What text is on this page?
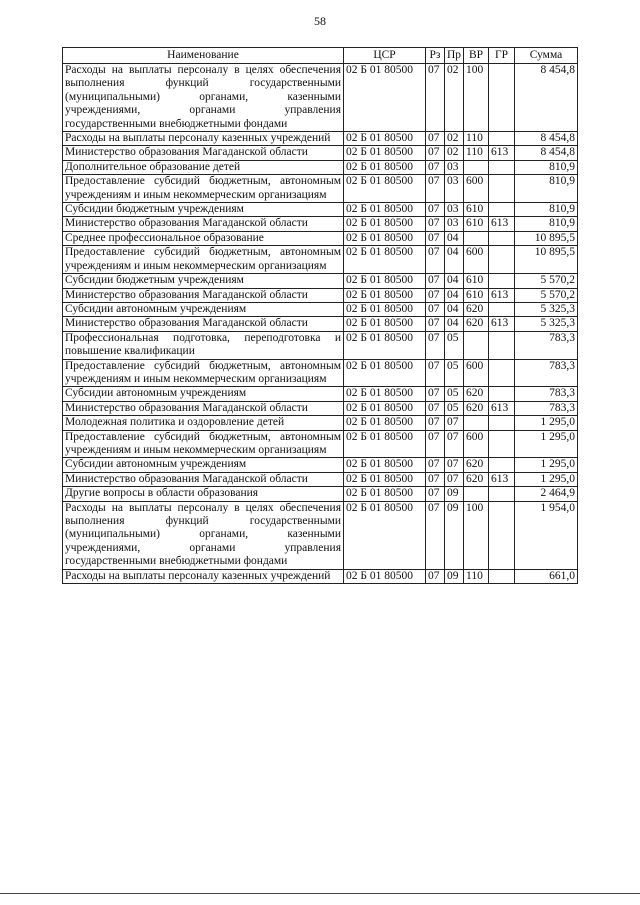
58
Наименование	ЦСР	Рз	Пр	ВР	ГР	Сумма
Расходы на выплаты персоналу в целях обеспечения выполнения функций государственными (муниципальными) органами, казенными учреждениями, органами управления государственными внебюджетными фондами	02 Б 01 80500	07	02	100		8 454,8
Расходы на выплаты персоналу казенных учреждений	02 Б 01 80500	07	02	110		8 454,8
Министерство образования Магаданской области	02 Б 01 80500	07	02	110	613	8 454,8
Дополнительное образование детей	02 Б 01 80500	07	03			810,9
Предоставление субсидий бюджетным, автономным учреждениям и иным некоммерческим организациям	02 Б 01 80500	07	03	600		810,9
Субсидии бюджетным учреждениям	02 Б 01 80500	07	03	610		810,9
Министерство образования Магаданской области	02 Б 01 80500	07	03	610	613	810,9
Среднее профессиональное образование	02 Б 01 80500	07	04			10 895,5
Предоставление субсидий бюджетным, автономным учреждениям и иным некоммерческим организациям	02 Б 01 80500	07	04	600		10 895,5
Субсидии бюджетным учреждениям	02 Б 01 80500	07	04	610		5 570,2
Министерство образования Магаданской области	02 Б 01 80500	07	04	610	613	5 570,2
Субсидии автономным учреждениям	02 Б 01 80500	07	04	620		5 325,3
Министерство образования Магаданской области	02 Б 01 80500	07	04	620	613	5 325,3
Профессиональная подготовка, переподготовка и повышение квалификации	02 Б 01 80500	07	05			783,3
Предоставление субсидий бюджетным, автономным учреждениям и иным некоммерческим организациям	02 Б 01 80500	07	05	600		783,3
Субсидии автономным учреждениям	02 Б 01 80500	07	05	620		783,3
Министерство образования Магаданской области	02 Б 01 80500	07	05	620	613	783,3
Молодежная политика и оздоровление детей	02 Б 01 80500	07	07			1 295,0
Предоставление субсидий бюджетным, автономным учреждениям и иным некоммерческим организациям	02 Б 01 80500	07	07	600		1 295,0
Субсидии автономным учреждениям	02 Б 01 80500	07	07	620		1 295,0
Министерство образования Магаданской области	02 Б 01 80500	07	07	620	613	1 295,0
Другие вопросы в области образования	02 Б 01 80500	07	09			2 464,9
Расходы на выплаты персоналу в целях обеспечения выполнения функций государственными (муниципальными) органами, казенными учреждениями, органами управления государственными внебюджетными фондами	02 Б 01 80500	07	09	100		1 954,0
Расходы на выплаты персоналу казенных учреждений	02 Б 01 80500	07	09	110		661,0
